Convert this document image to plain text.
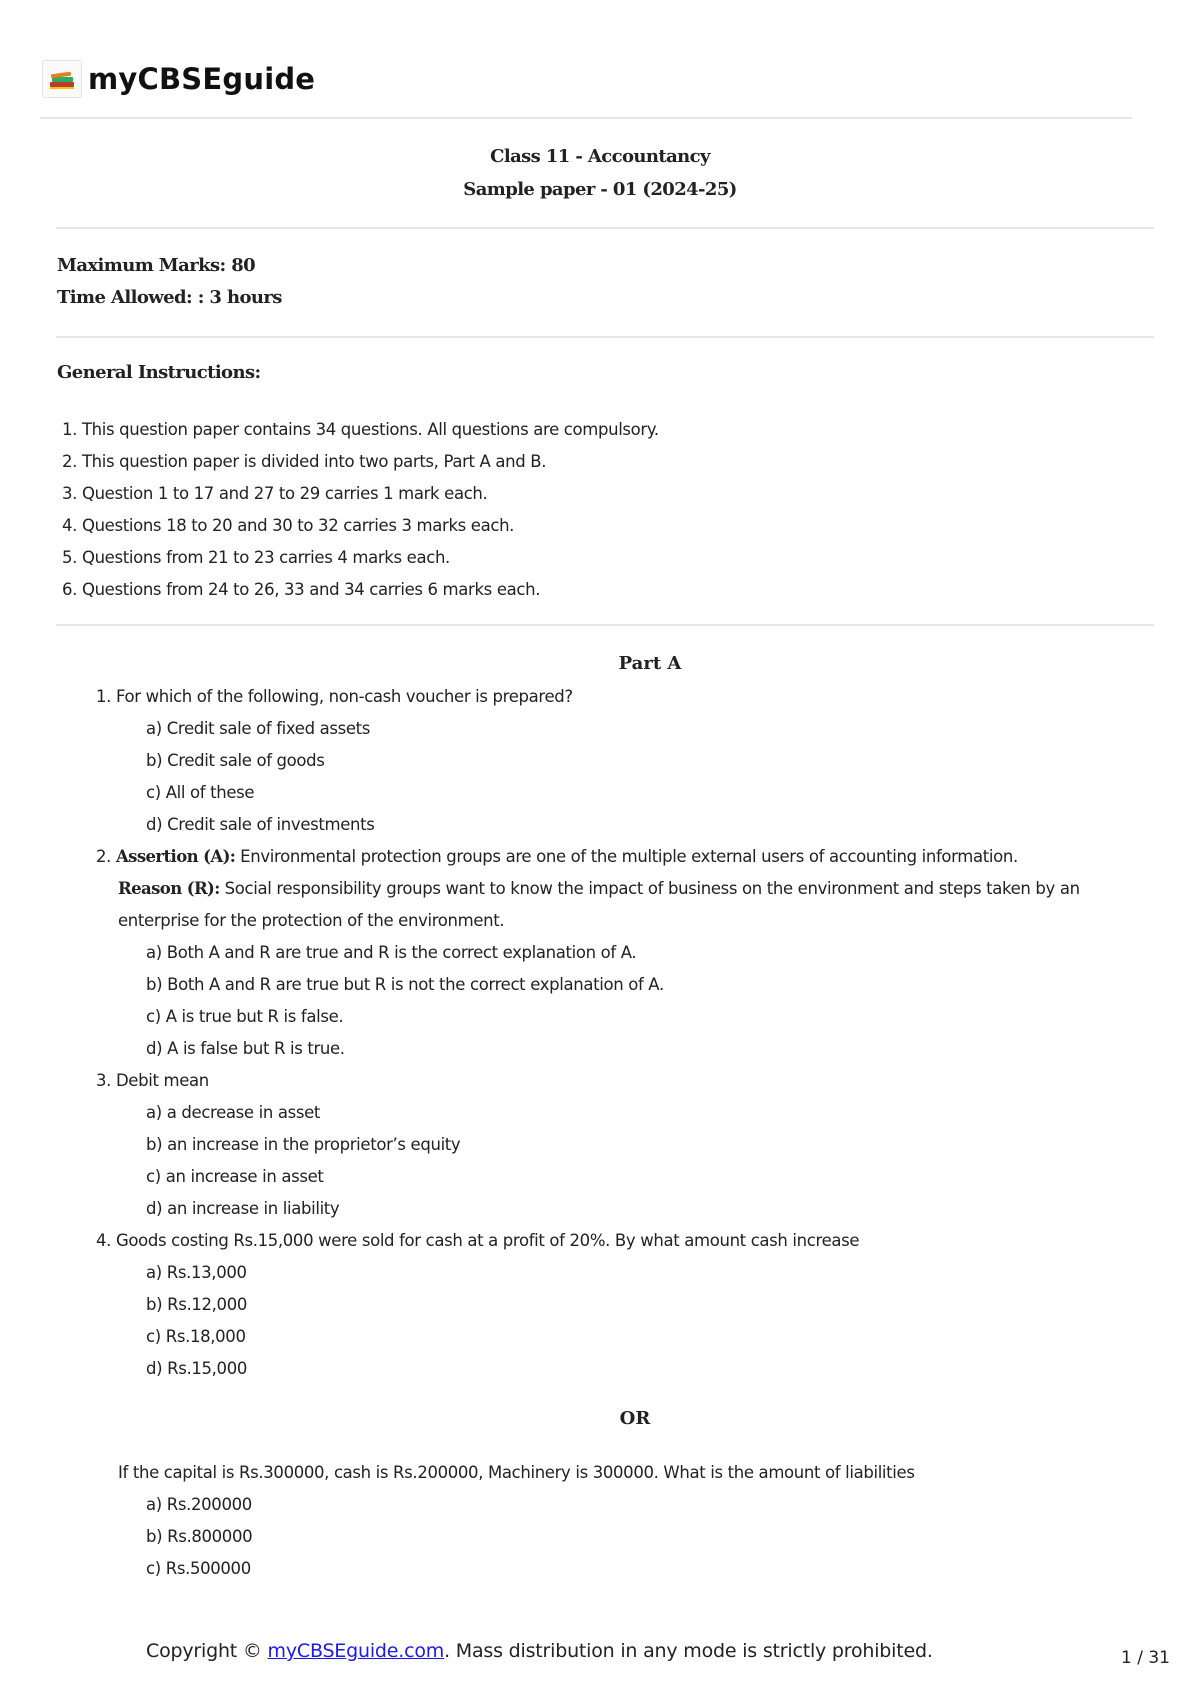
myCBSEguide
Class 11 - Accountancy
Sample paper - 01 (2024-25)
Maximum Marks: 80
Time Allowed: : 3 hours
General Instructions:
1. This question paper contains 34 questions. All questions are compulsory.
2. This question paper is divided into two parts, Part A and B.
3. Question 1 to 17 and 27 to 29 carries 1 mark each.
4. Questions 18 to 20 and 30 to 32 carries 3 marks each.
5. Questions from 21 to 23 carries 4 marks each.
6. Questions from 24 to 26, 33 and 34 carries 6 marks each.
Part A
1. For which of the following, non-cash voucher is prepared?
a) Credit sale of fixed assets
b) Credit sale of goods
c) All of these
d) Credit sale of investments
2. Assertion (A): Environmental protection groups are one of the multiple external users of accounting information.
Reason (R): Social responsibility groups want to know the impact of business on the environment and steps taken by an
enterprise for the protection of the environment.
a) Both A and R are true and R is the correct explanation of A.
b) Both A and R are true but R is not the correct explanation of A.
c) A is true but R is false.
d) A is false but R is true.
3. Debit mean
a) a decrease in asset
b) an increase in the proprietor’s equity
c) an increase in asset
d) an increase in liability
4. Goods costing Rs.15,000 were sold for cash at a profit of 20%. By what amount cash increase
a) Rs.13,000
b) Rs.12,000
c) Rs.18,000
d) Rs.15,000
OR
If the capital is Rs.300000, cash is Rs.200000, Machinery is 300000. What is the amount of liabilities
a) Rs.200000
b) Rs.800000
c) Rs.500000
Copyright © myCBSEguide.com. Mass distribution in any mode is strictly prohibited.	1 / 31
